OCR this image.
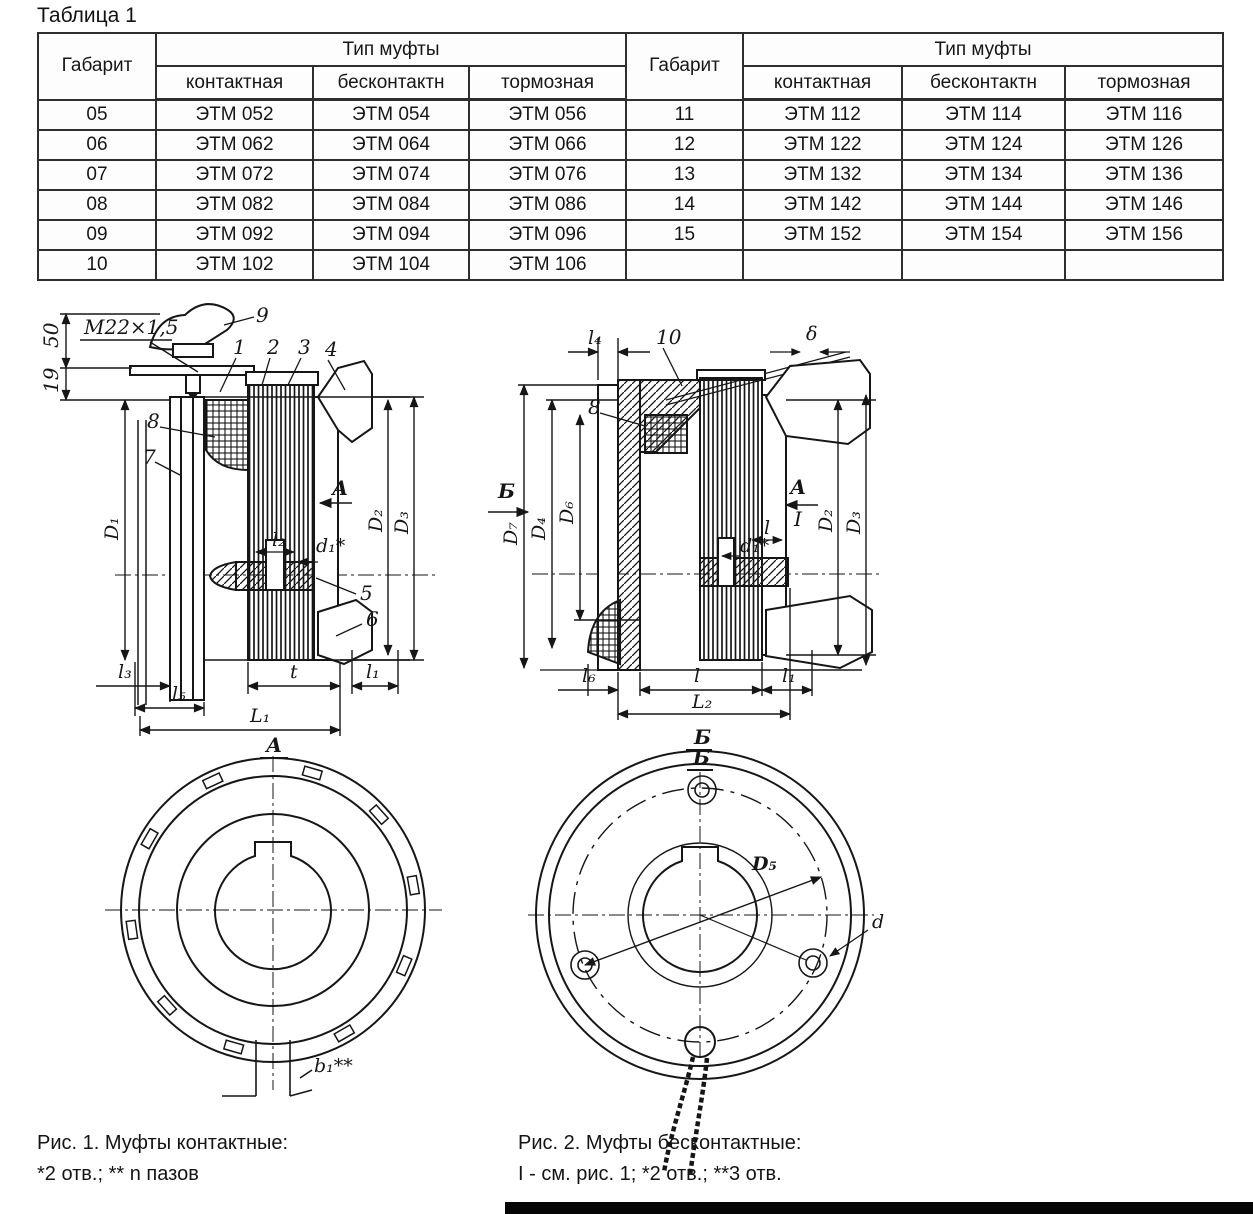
Таблица 1
Габарит	Тип муфты			Габарит	Тип муфты		
	контактная	бесконтактн	тормозная		контактная	бесконтактн	тормозная
05	ЭТМ 052	ЭТМ 054	ЭТМ 056	11	ЭТМ 112	ЭТМ 114	ЭТМ 116
06	ЭТМ 062	ЭТМ 064	ЭТМ 066	12	ЭТМ 122	ЭТМ 124	ЭТМ 126
07	ЭТМ 072	ЭТМ 074	ЭТМ 076	13	ЭТМ 132	ЭТМ 134	ЭТМ 136
08	ЭТМ 082	ЭТМ 084	ЭТМ 086	14	ЭТМ 142	ЭТМ 144	ЭТМ 146
09	ЭТМ 092	ЭТМ 094	ЭТМ 096	15	ЭТМ 152	ЭТМ 154	ЭТМ 156
10	ЭТМ 102	ЭТМ 104	ЭТМ 106				
М22×1,5
50
19
D₁	D₂ D₃
9
1 2 3 4
8
7
5
6
l₂ d₁*
А
l₃
l₅
L₁
t	l₁
А
b₁**
Б
8
l₄	10	δ
l
d₁*
D₇ D₄
D₆	D₂ D₃
А
I
l₆	l	l₁
L₂
Б
Б
D₅
d
Рис. 1. Муфты контактные:
*2 отв.; ** n пазов
Рис. 2. Муфты бесконтактные:
I - см. рис. 1; *2 отв.; **3 отв.
